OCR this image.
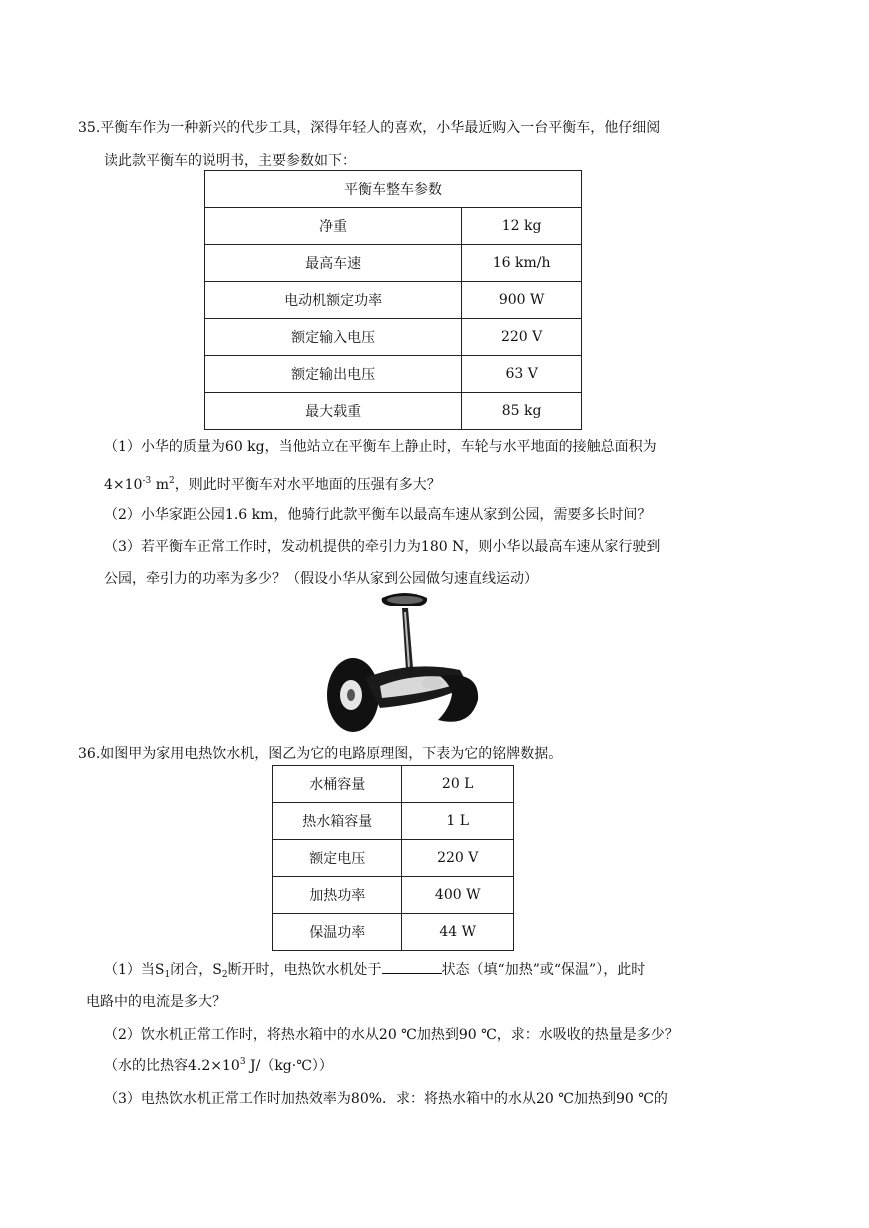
35.平衡车作为一种新兴的代步工具，深得年轻人的喜欢，小华最近购入一台平衡车，他仔细阅
读此款平衡车的说明书，主要参数如下：
平衡车整车参数	
净重	12 kg
最高车速	16 km/h
电动机额定功率	900 W
额定输入电压	220 V
额定输出电压	63 V
最大载重	85 kg
（1）小华的质量为60 kg，当他站立在平衡车上静止时，车轮与水平地面的接触总面积为
$4\times 10^{-3}$ $m^2$，则此时平衡车对水平地面的压强有多大？
（2）小华家距公园1.6 km，他骑行此款平衡车以最高车速从家到公园，需要多长时间？
（3）若平衡车正常工作时，发动机提供的牵引力为180 N，则小华以最高车速从家行驶到
公园，牵引力的功率为多少？（假设小华从家到公园做匀速直线运动）
36.如图甲为家用电热饮水机，图乙为它的电路原理图，下表为它的铭牌数据。
水桶容量	20 L
热水箱容量	1 L
额定电压	220 V
加热功率	400 W
保温功率	44 W
（1）当$S_1$闭合，$S_2$断开时，电热饮水机处于	状态（填“加热”或“保温”），此时
电路中的电流是多大？
（2）饮水机正常工作时，将热水箱中的水从20 ℃加热到90 ℃，求：水吸收的热量是多少？
（水的比热容$4.2\times 10^3$ J/（kg·℃））
（3）电热饮水机正常工作时加热效率为80%．求：将热水箱中的水从20 ℃加热到90 ℃的
